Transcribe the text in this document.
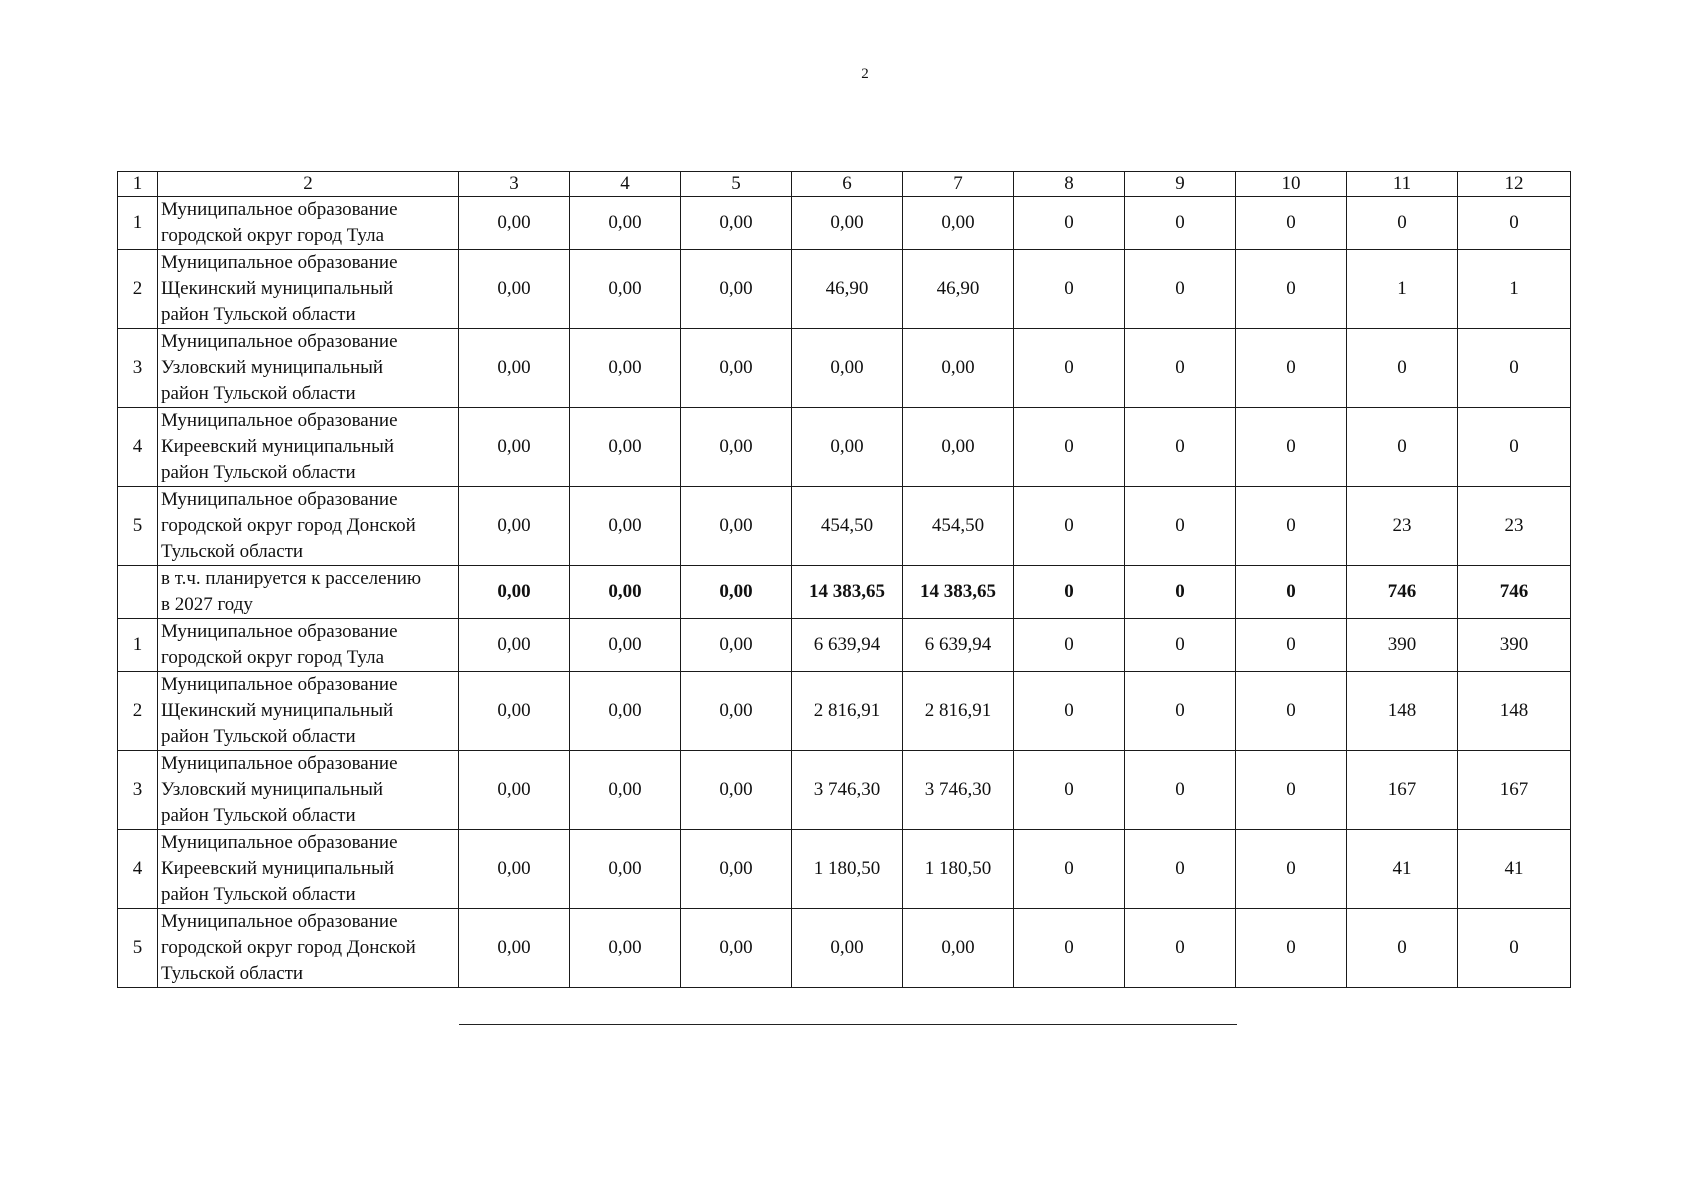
2
1	2	3	4	5	6	7	8	9	10	11	12
1	Муниципальное образование
городской округ город Тула	0,00	0,00	0,00	0,00	0,00	0	0	0	0	0
2	Муниципальное образование
Щекинский муниципальный
район Тульской области	0,00	0,00	0,00	46,90	46,90	0	0	0	1	1
3	Муниципальное образование
Узловский муниципальный
район Тульской области	0,00	0,00	0,00	0,00	0,00	0	0	0	0	0
4	Муниципальное образование
Киреевский муниципальный
район Тульской области	0,00	0,00	0,00	0,00	0,00	0	0	0	0	0
5	Муниципальное образование
городской округ город Донской
Тульской области	0,00	0,00	0,00	454,50	454,50	0	0	0	23	23

	в т.ч. планируется к расселению
в 2027 году	0,00	0,00	0,00	14 383,65	14 383,65	0	0	0	746	746
1	Муниципальное образование
городской округ город Тула	0,00	0,00	0,00	6 639,94	6 639,94	0	0	0	390	390
2	Муниципальное образование
Щекинский муниципальный
район Тульской области	0,00	0,00	0,00	2 816,91	2 816,91	0	0	0	148	148
3	Муниципальное образование
Узловский муниципальный
район Тульской области	0,00	0,00	0,00	3 746,30	3 746,30	0	0	0	167	167
4	Муниципальное образование
Киреевский муниципальный
район Тульской области	0,00	0,00	0,00	1 180,50	1 180,50	0	0	0	41	41
5	Муниципальное образование
городской округ город Донской
Тульской области	0,00	0,00	0,00	0,00	0,00	0	0	0	0	0
